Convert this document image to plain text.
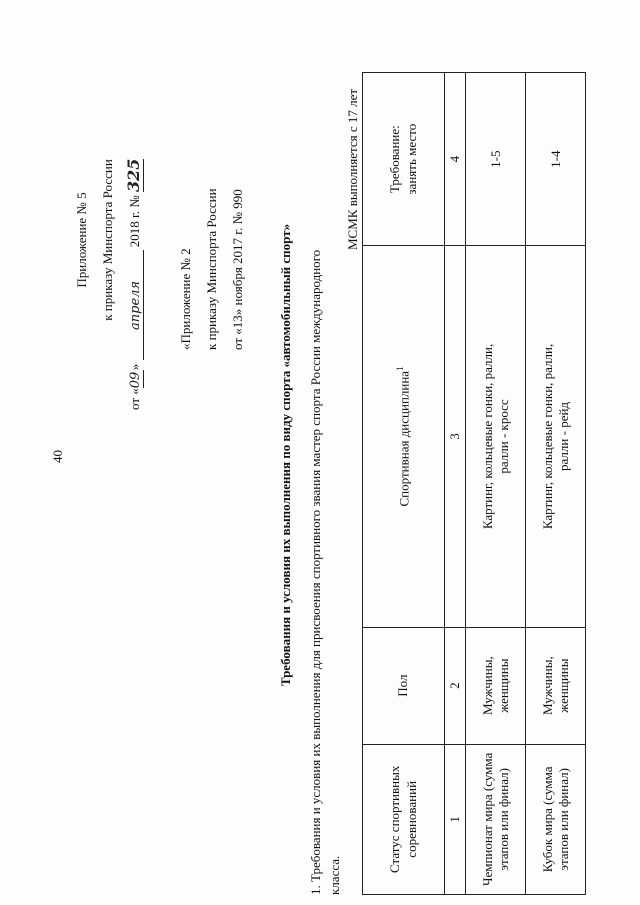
40
Приложение № 5 к приказу Минспорта России
от «09» апреля 2018 г. № 325
«Приложение № 2 к приказу Минспорта России от «13» ноября 2017 г. № 990	Требования и условия их выполнения по виду спорта «автомобильный спорт» 1. Требования и условия их выполнения для присвоения спортивного звания мастер спорта России международного класса.
МСМК выполняется с 17 лет
Статус спортивных соревнований	Пол	Спортивная дисциплина$^1$	Требование: занять место

1	2	3	4
Чемпионат мира (сумма этапов или финал)	Мужчины, женщины	Картинг, кольцевые гонки, ралли, ралли - кросс	1-5
Кубок мира (сумма этапов или финал)	Мужчины, женщины	Картинг, кольцевые гонки, ралли, ралли - рейд	1-4
